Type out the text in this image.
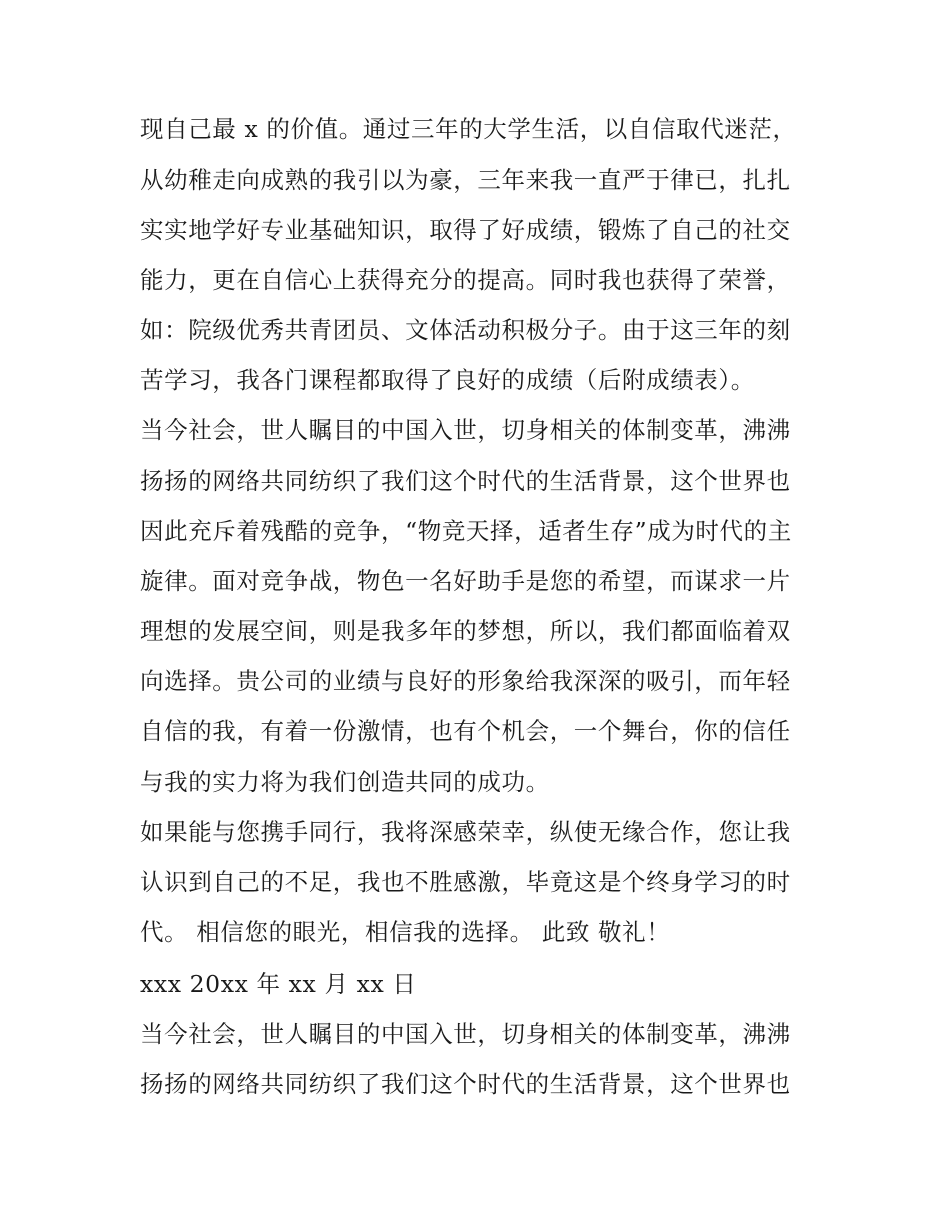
现自己最 x 的价值。通过三年的大学生活，以自信取代迷茫，
从幼稚走向成熟的我引以为豪，三年来我一直严于律已，扎扎
实实地学好专业基础知识，取得了好成绩，锻炼了自己的社交
能力，更在自信心上获得充分的提高。同时我也获得了荣誉，
如：院级优秀共青团员、文体活动积极分子。由于这三年的刻
苦学习，我各门课程都取得了良好的成绩（后附成绩表）。
当今社会，世人瞩目的中国入世，切身相关的体制变革，沸沸
扬扬的网络共同纺织了我们这个时代的生活背景，这个世界也
因此充斥着残酷的竞争，“物竞天择，适者生存”成为时代的主
旋律。面对竞争战，物色一名好助手是您的希望，而谋求一片
理想的发展空间，则是我多年的梦想，所以，我们都面临着双
向选择。贵公司的业绩与良好的形象给我深深的吸引，而年轻
自信的我，有着一份激情，也有个机会，一个舞台，你的信任
与我的实力将为我们创造共同的成功。
如果能与您携手同行，我将深感荣幸，纵使无缘合作，您让我
认识到自己的不足，我也不胜感激，毕竟这是个终身学习的时
代。 相信您的眼光，相信我的选择。 此致 敬礼！
xxx 20xx 年 xx 月 xx 日
当今社会，世人瞩目的中国入世，切身相关的体制变革，沸沸
扬扬的网络共同纺织了我们这个时代的生活背景，这个世界也
